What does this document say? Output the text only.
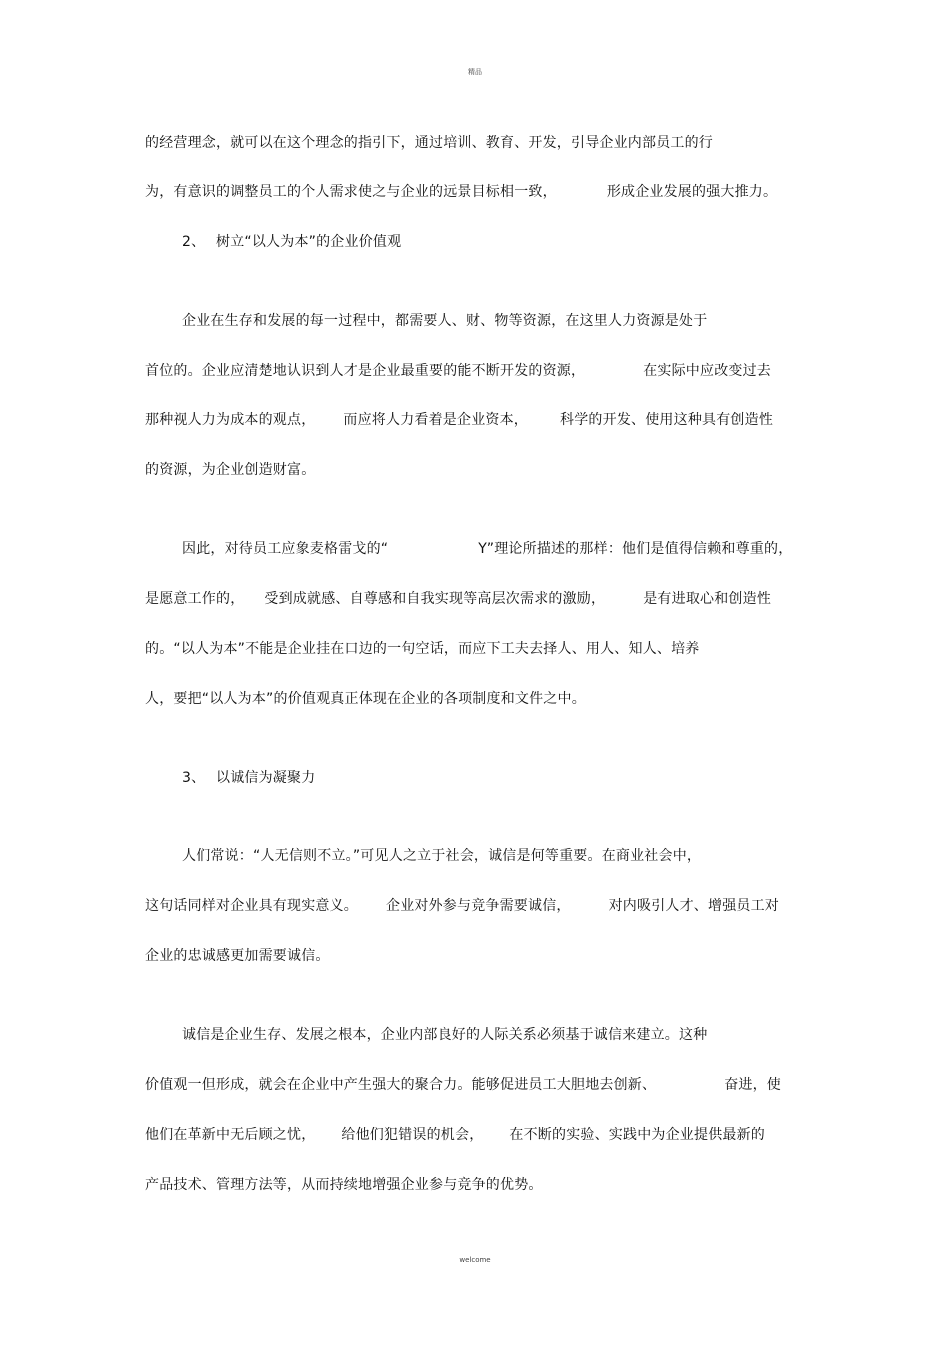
精品
的经营理念，就可以在这个理念的指引下，通过培训、教育、开发，引导企业内部员工的行
为，有意识的调整员工的个人需求使之与企业的远景目标相一致，	形成企业发展的强大推力。
2、 树立“以人为本”的企业价值观
企业在生存和发展的每一过程中，都需要人、财、物等资源，在这里人力资源是处于
首位的。企业应清楚地认识到人才是企业最重要的能不断开发的资源，	在实际中应改变过去
那种视人力为成本的观点， 而应将人力看着是企业资本， 科学的开发、使用这种具有创造性
的资源，为企业创造财富。
因此，对待员工应象麦格雷戈的“	Y”理论所描述的那样：他们是值得信赖和尊重的，
是愿意工作的， 受到成就感、自尊感和自我实现等高层次需求的激励，	是有进取心和创造性
的。“以人为本”不能是企业挂在口边的一句空话，而应下工夫去择人、用人、知人、培养
人，要把“以人为本”的价值观真正体现在企业的各项制度和文件之中。
3、 以诚信为凝聚力
人们常说：“人无信则不立。”可见人之立于社会，诚信是何等重要。在商业社会中，
这句话同样对企业具有现实意义。 企业对外参与竞争需要诚信，	对内吸引人才、增强员工对
企业的忠诚感更加需要诚信。
诚信是企业生存、发展之根本，企业内部良好的人际关系必须基于诚信来建立。这种
价值观一但形成，就会在企业中产生强大的聚合力。能够促进员工大胆地去创新、	奋进，使
他们在革新中无后顾之忧， 给他们犯错误的机会， 在不断的实验、实践中为企业提供最新的
产品技术、管理方法等，从而持续地增强企业参与竞争的优势。
welcome
